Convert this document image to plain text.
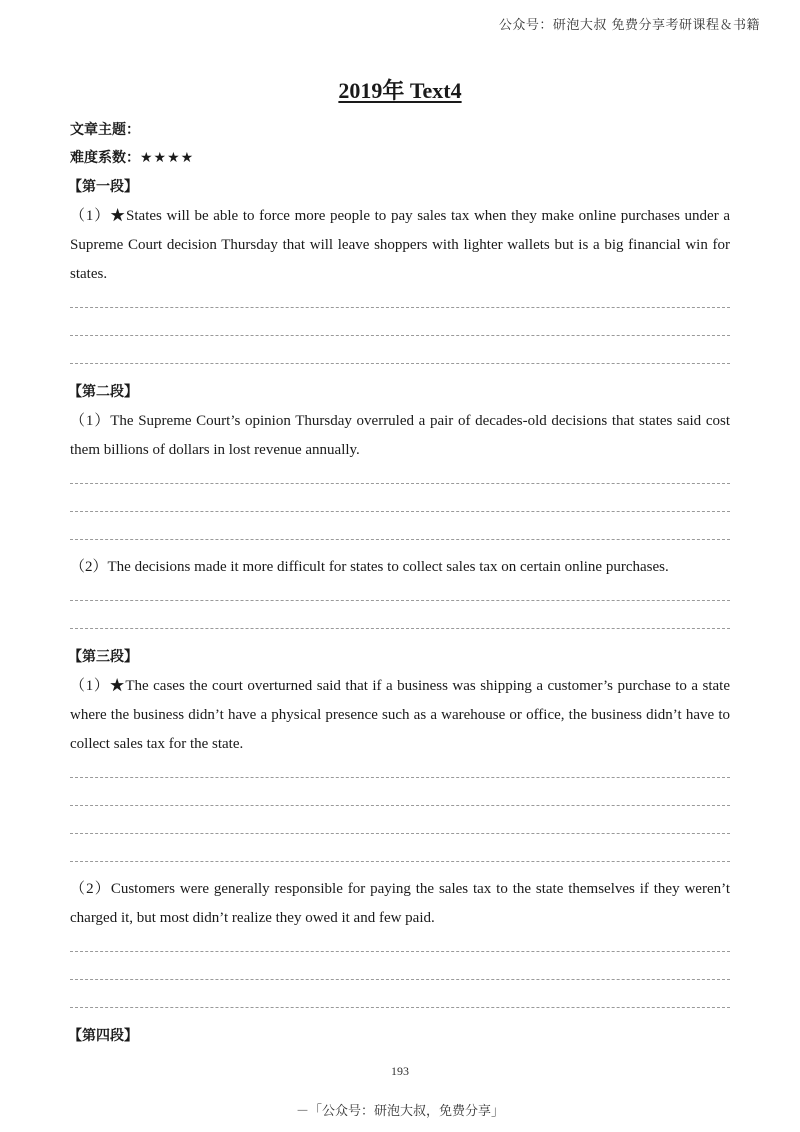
公众号：研泡大叔 免费分享考研课程＆书籍
2019年 Text4
文章主题：
难度系数：★★★★
【第一段】
（1）★States will be able to force more people to pay sales tax when they make online purchases under a Supreme Court decision Thursday that will leave shoppers with lighter wallets but is a big financial win for states.
【第二段】
（1）The Supreme Court’s opinion Thursday overruled a pair of decades-old decisions that states said cost them billions of dollars in lost revenue annually.
（2）The decisions made it more difficult for states to collect sales tax on certain online purchases.
【第三段】
（1）★The cases the court overturned said that if a business was shipping a customer’s purchase to a state where the business didn’t have a physical presence such as a warehouse or office, the business didn’t have to collect sales tax for the state.
（2）Customers were generally responsible for paying the sales tax to the state themselves if they weren’t charged it, but most didn’t realize they owed it and few paid.
【第四段】
193
－「公众号：研泡大叔，免费分享」
